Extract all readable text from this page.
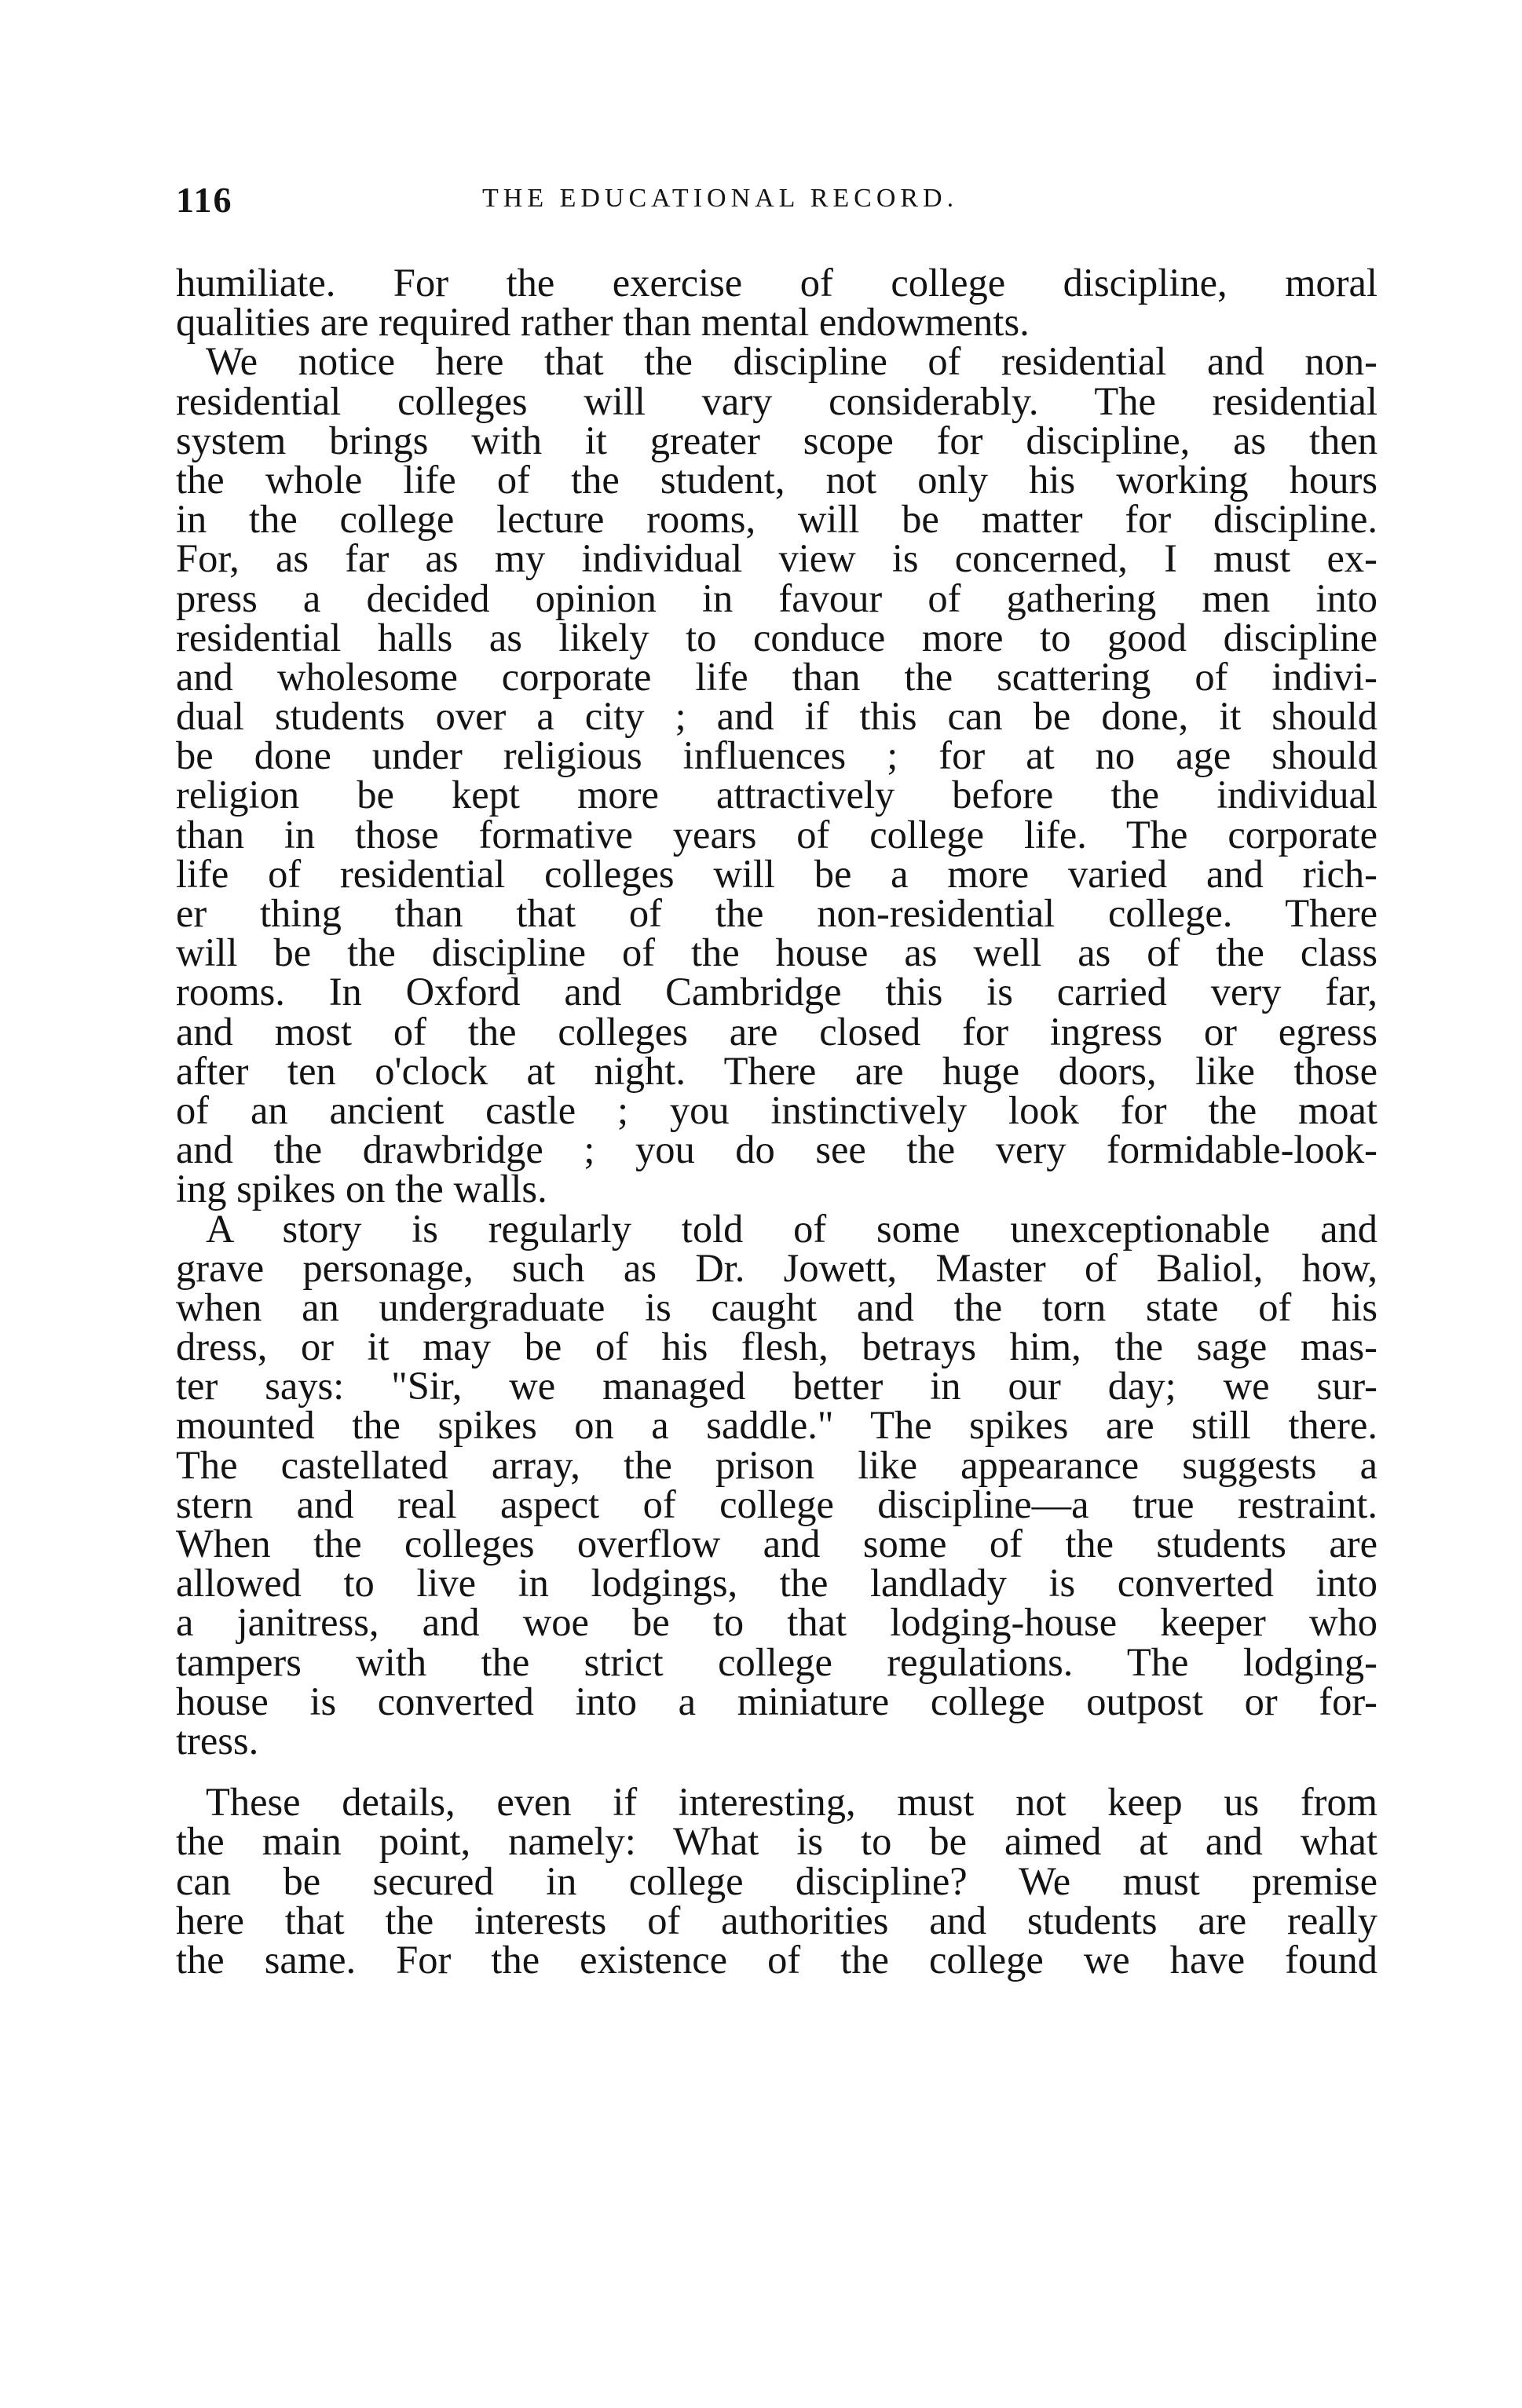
116	THE EDUCATIONAL RECORD.
humiliate. For the exercise of college discipline, moral
qualities are required rather than mental endowments.
We notice here that the discipline of residential and non-
residential colleges will vary considerably. The residential
system brings with it greater scope for discipline, as then
the whole life of the student, not only his working hours
in the college lecture rooms, will be matter for discipline.
For, as far as my individual view is concerned, I must ex-
press a decided opinion in favour of gathering men into
residential halls as likely to conduce more to good discipline
and wholesome corporate life than the scattering of indivi-
dual students over a city ; and if this can be done, it should
be done under religious influences ; for at no age should
religion be kept more attractively before the individual
than in those formative years of college life. The corporate
life of residential colleges will be a more varied and rich-
er thing than that of the non-residential college. There
will be the discipline of the house as well as of the class
rooms. In Oxford and Cambridge this is carried very far,
and most of the colleges are closed for ingress or egress
after ten o'clock at night. There are huge doors, like those
of an ancient castle ; you instinctively look for the moat
and the drawbridge ; you do see the very formidable-look-
ing spikes on the walls.
A story is regularly told of some unexceptionable and
grave personage, such as Dr. Jowett, Master of Baliol, how,
when an undergraduate is caught and the torn state of his
dress, or it may be of his flesh, betrays him, the sage mas-
ter says: "Sir, we managed better in our day; we sur-
mounted the spikes on a saddle." The spikes are still there.
The castellated array, the prison like appearance suggests a
stern and real aspect of college discipline—a true restraint.
When the colleges overflow and some of the students are
allowed to live in lodgings, the landlady is converted into
a janitress, and woe be to that lodging-house keeper who
tampers with the strict college regulations. The lodging-
house is converted into a miniature college outpost or for-
tress.
These details, even if interesting, must not keep us from
the main point, namely: What is to be aimed at and what
can be secured in college discipline? We must premise
here that the interests of authorities and students are really
the same. For the existence of the college we have found
